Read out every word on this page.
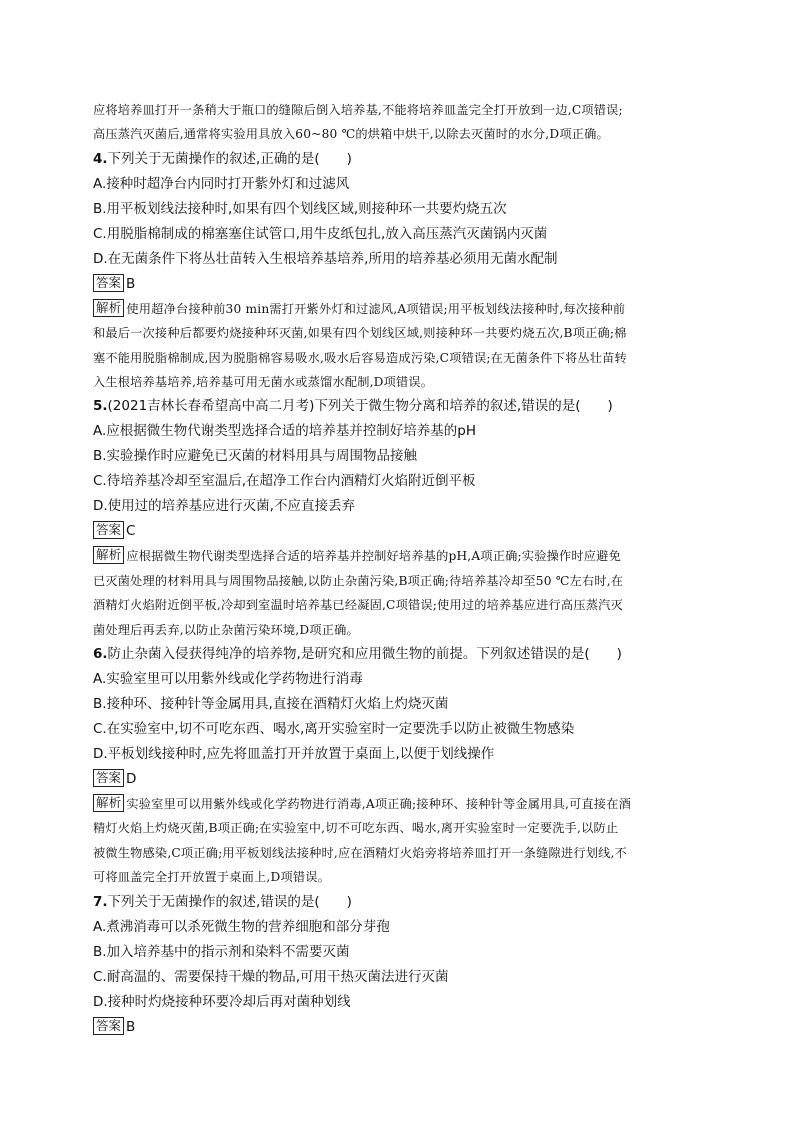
应将培养皿打开一条稍大于瓶口的缝隙后倒入培养基,不能将培养皿盖完全打开放到一边,C项错误;
高压蒸汽灭菌后,通常将实验用具放入60~80 ℃的烘箱中烘干,以除去灭菌时的水分,D项正确。
4.下列关于无菌操作的叙述,正确的是(　　)
A.接种时超净台内同时打开紫外灯和过滤风
B.用平板划线法接种时,如果有四个划线区域,则接种环一共要灼烧五次
C.用脱脂棉制成的棉塞塞住试管口,用牛皮纸包扎,放入高压蒸汽灭菌锅内灭菌
D.在无菌条件下将丛壮苗转入生根培养基培养,所用的培养基必须用无菌水配制
答案 B
解析 使用超净台接种前30 min需打开紫外灯和过滤风,A项错误;用平板划线法接种时,每次接种前
和最后一次接种后都要灼烧接种环灭菌,如果有四个划线区域,则接种环一共要灼烧五次,B项正确;棉
塞不能用脱脂棉制成,因为脱脂棉容易吸水,吸水后容易造成污染,C项错误;在无菌条件下将丛壮苗转
入生根培养基培养,培养基可用无菌水或蒸馏水配制,D项错误。
5.(2021吉林长春希望高中高二月考)下列关于微生物分离和培养的叙述,错误的是(　　)
A.应根据微生物代谢类型选择合适的培养基并控制好培养基的pH
B.实验操作时应避免已灭菌的材料用具与周围物品接触
C.待培养基冷却至室温后,在超净工作台内酒精灯火焰附近倒平板
D.使用过的培养基应进行灭菌,不应直接丢弃
答案 C
解析 应根据微生物代谢类型选择合适的培养基并控制好培养基的pH,A项正确;实验操作时应避免
已灭菌处理的材料用具与周围物品接触,以防止杂菌污染,B项正确;待培养基冷却至50 ℃左右时,在
酒精灯火焰附近倒平板,冷却到室温时培养基已经凝固,C项错误;使用过的培养基应进行高压蒸汽灭
菌处理后再丢弃,以防止杂菌污染环境,D项正确。
6.防止杂菌入侵获得纯净的培养物,是研究和应用微生物的前提。下列叙述错误的是(　　)
A.实验室里可以用紫外线或化学药物进行消毒
B.接种环、接种针等金属用具,直接在酒精灯火焰上灼烧灭菌
C.在实验室中,切不可吃东西、喝水,离开实验室时一定要洗手以防止被微生物感染
D.平板划线接种时,应先将皿盖打开并放置于桌面上,以便于划线操作
答案 D
解析 实验室里可以用紫外线或化学药物进行消毒,A项正确;接种环、接种针等金属用具,可直接在酒
精灯火焰上灼烧灭菌,B项正确;在实验室中,切不可吃东西、喝水,离开实验室时一定要洗手,以防止
被微生物感染,C项正确;用平板划线法接种时,应在酒精灯火焰旁将培养皿打开一条缝隙进行划线,不
可将皿盖完全打开放置于桌面上,D项错误。
7.下列关于无菌操作的叙述,错误的是(　　)
A.煮沸消毒可以杀死微生物的营养细胞和部分芽孢
B.加入培养基中的指示剂和染料不需要灭菌
C.耐高温的、需要保持干燥的物品,可用干热灭菌法进行灭菌
D.接种时灼烧接种环要冷却后再对菌种划线
答案 B
